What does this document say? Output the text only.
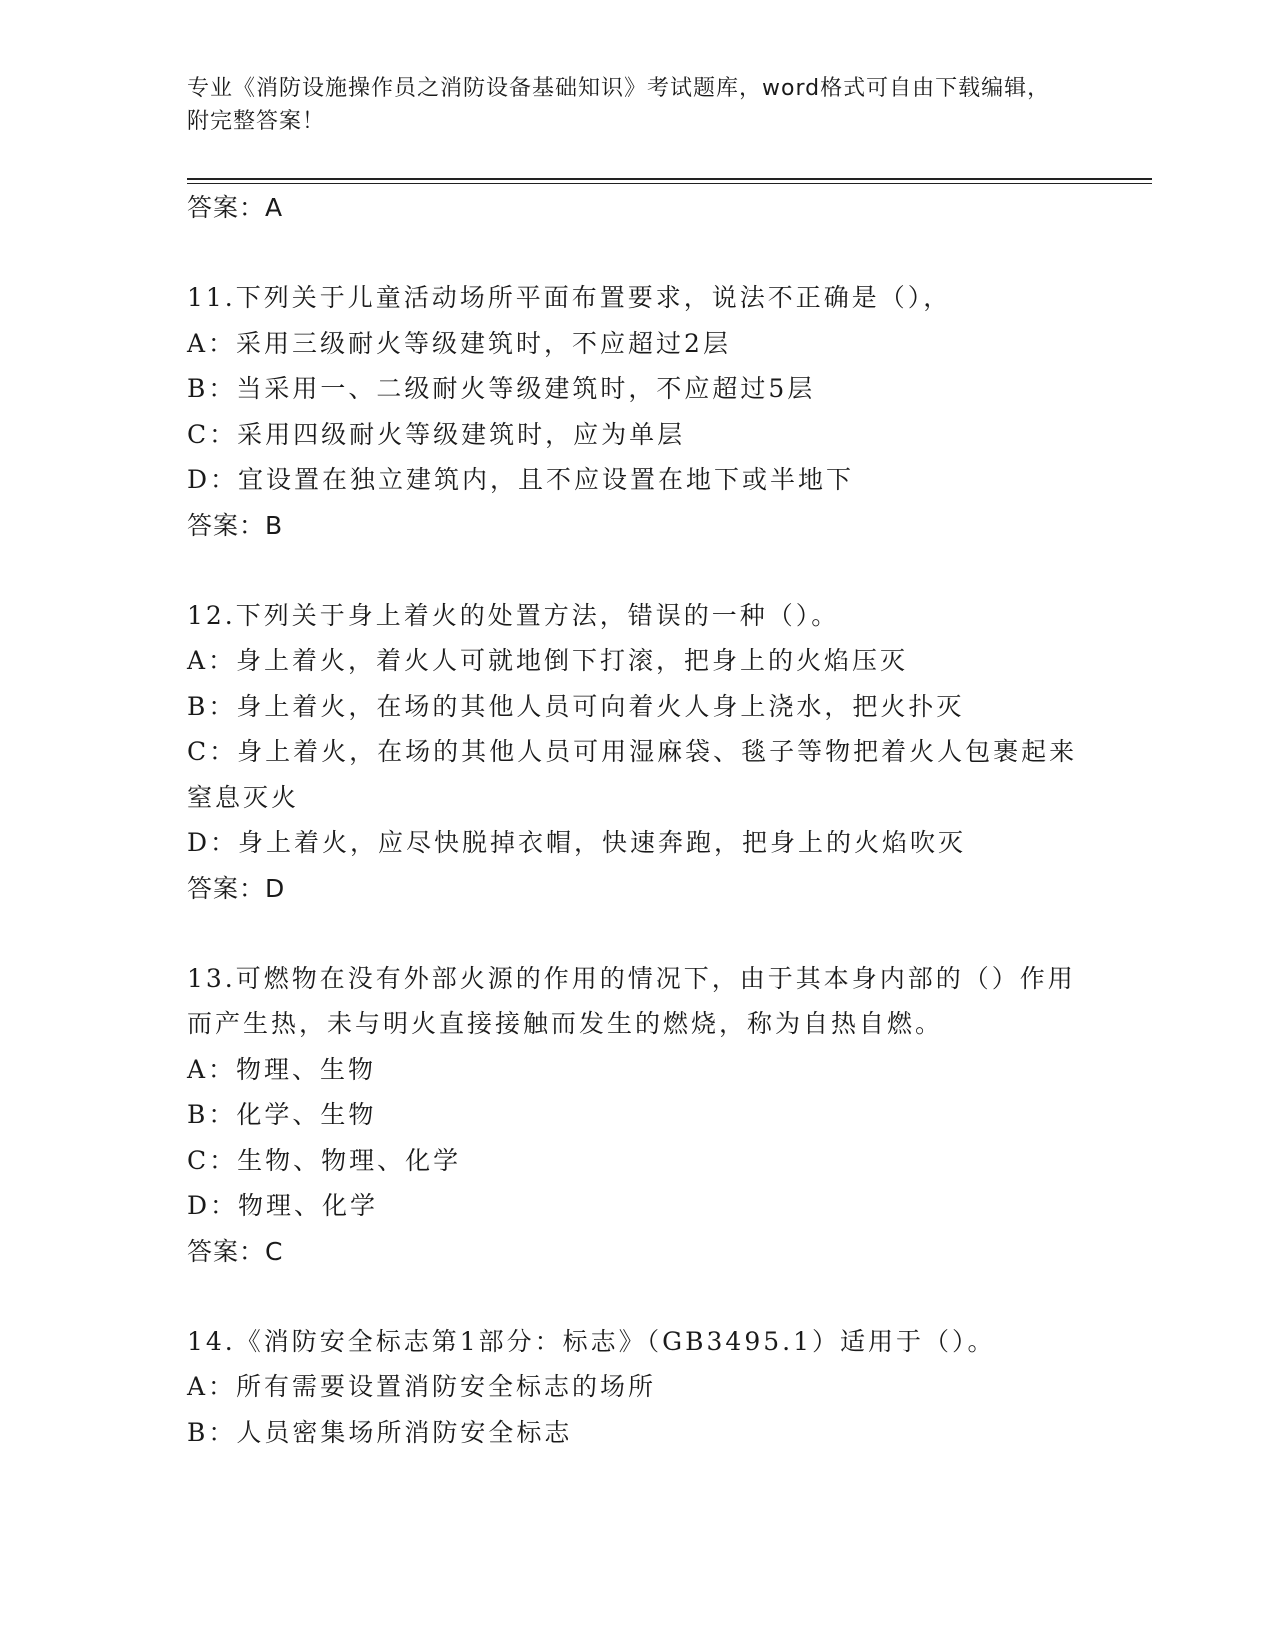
专业《消防设施操作员之消防设备基础知识》考试题库，word格式可自由下载编辑，附完整答案！
答案：A
11.下列关于儿童活动场所平面布置要求，说法不正确是（），
A：采用三级耐火等级建筑时，不应超过2层
B：当采用一、二级耐火等级建筑时，不应超过5层
C：采用四级耐火等级建筑时，应为单层
D：宜设置在独立建筑内，且不应设置在地下或半地下
答案：B
12.下列关于身上着火的处置方法，错误的一种（）。
A：身上着火，着火人可就地倒下打滚，把身上的火焰压灭
B：身上着火，在场的其他人员可向着火人身上浇水，把火扑灭
C：身上着火，在场的其他人员可用湿麻袋、毯子等物把着火人包裹起来窒息灭火
D：身上着火，应尽快脱掉衣帽，快速奔跑，把身上的火焰吹灭
答案：D
13.可燃物在没有外部火源的作用的情况下，由于其本身内部的（）作用而产生热，未与明火直接接触而发生的燃烧，称为自热自燃。
A：物理、生物
B：化学、生物
C：生物、物理、化学
D：物理、化学
答案：C
14.《消防安全标志第1部分：标志》（GB3495.1）适用于（）。
A：所有需要设置消防安全标志的场所
B：人员密集场所消防安全标志
